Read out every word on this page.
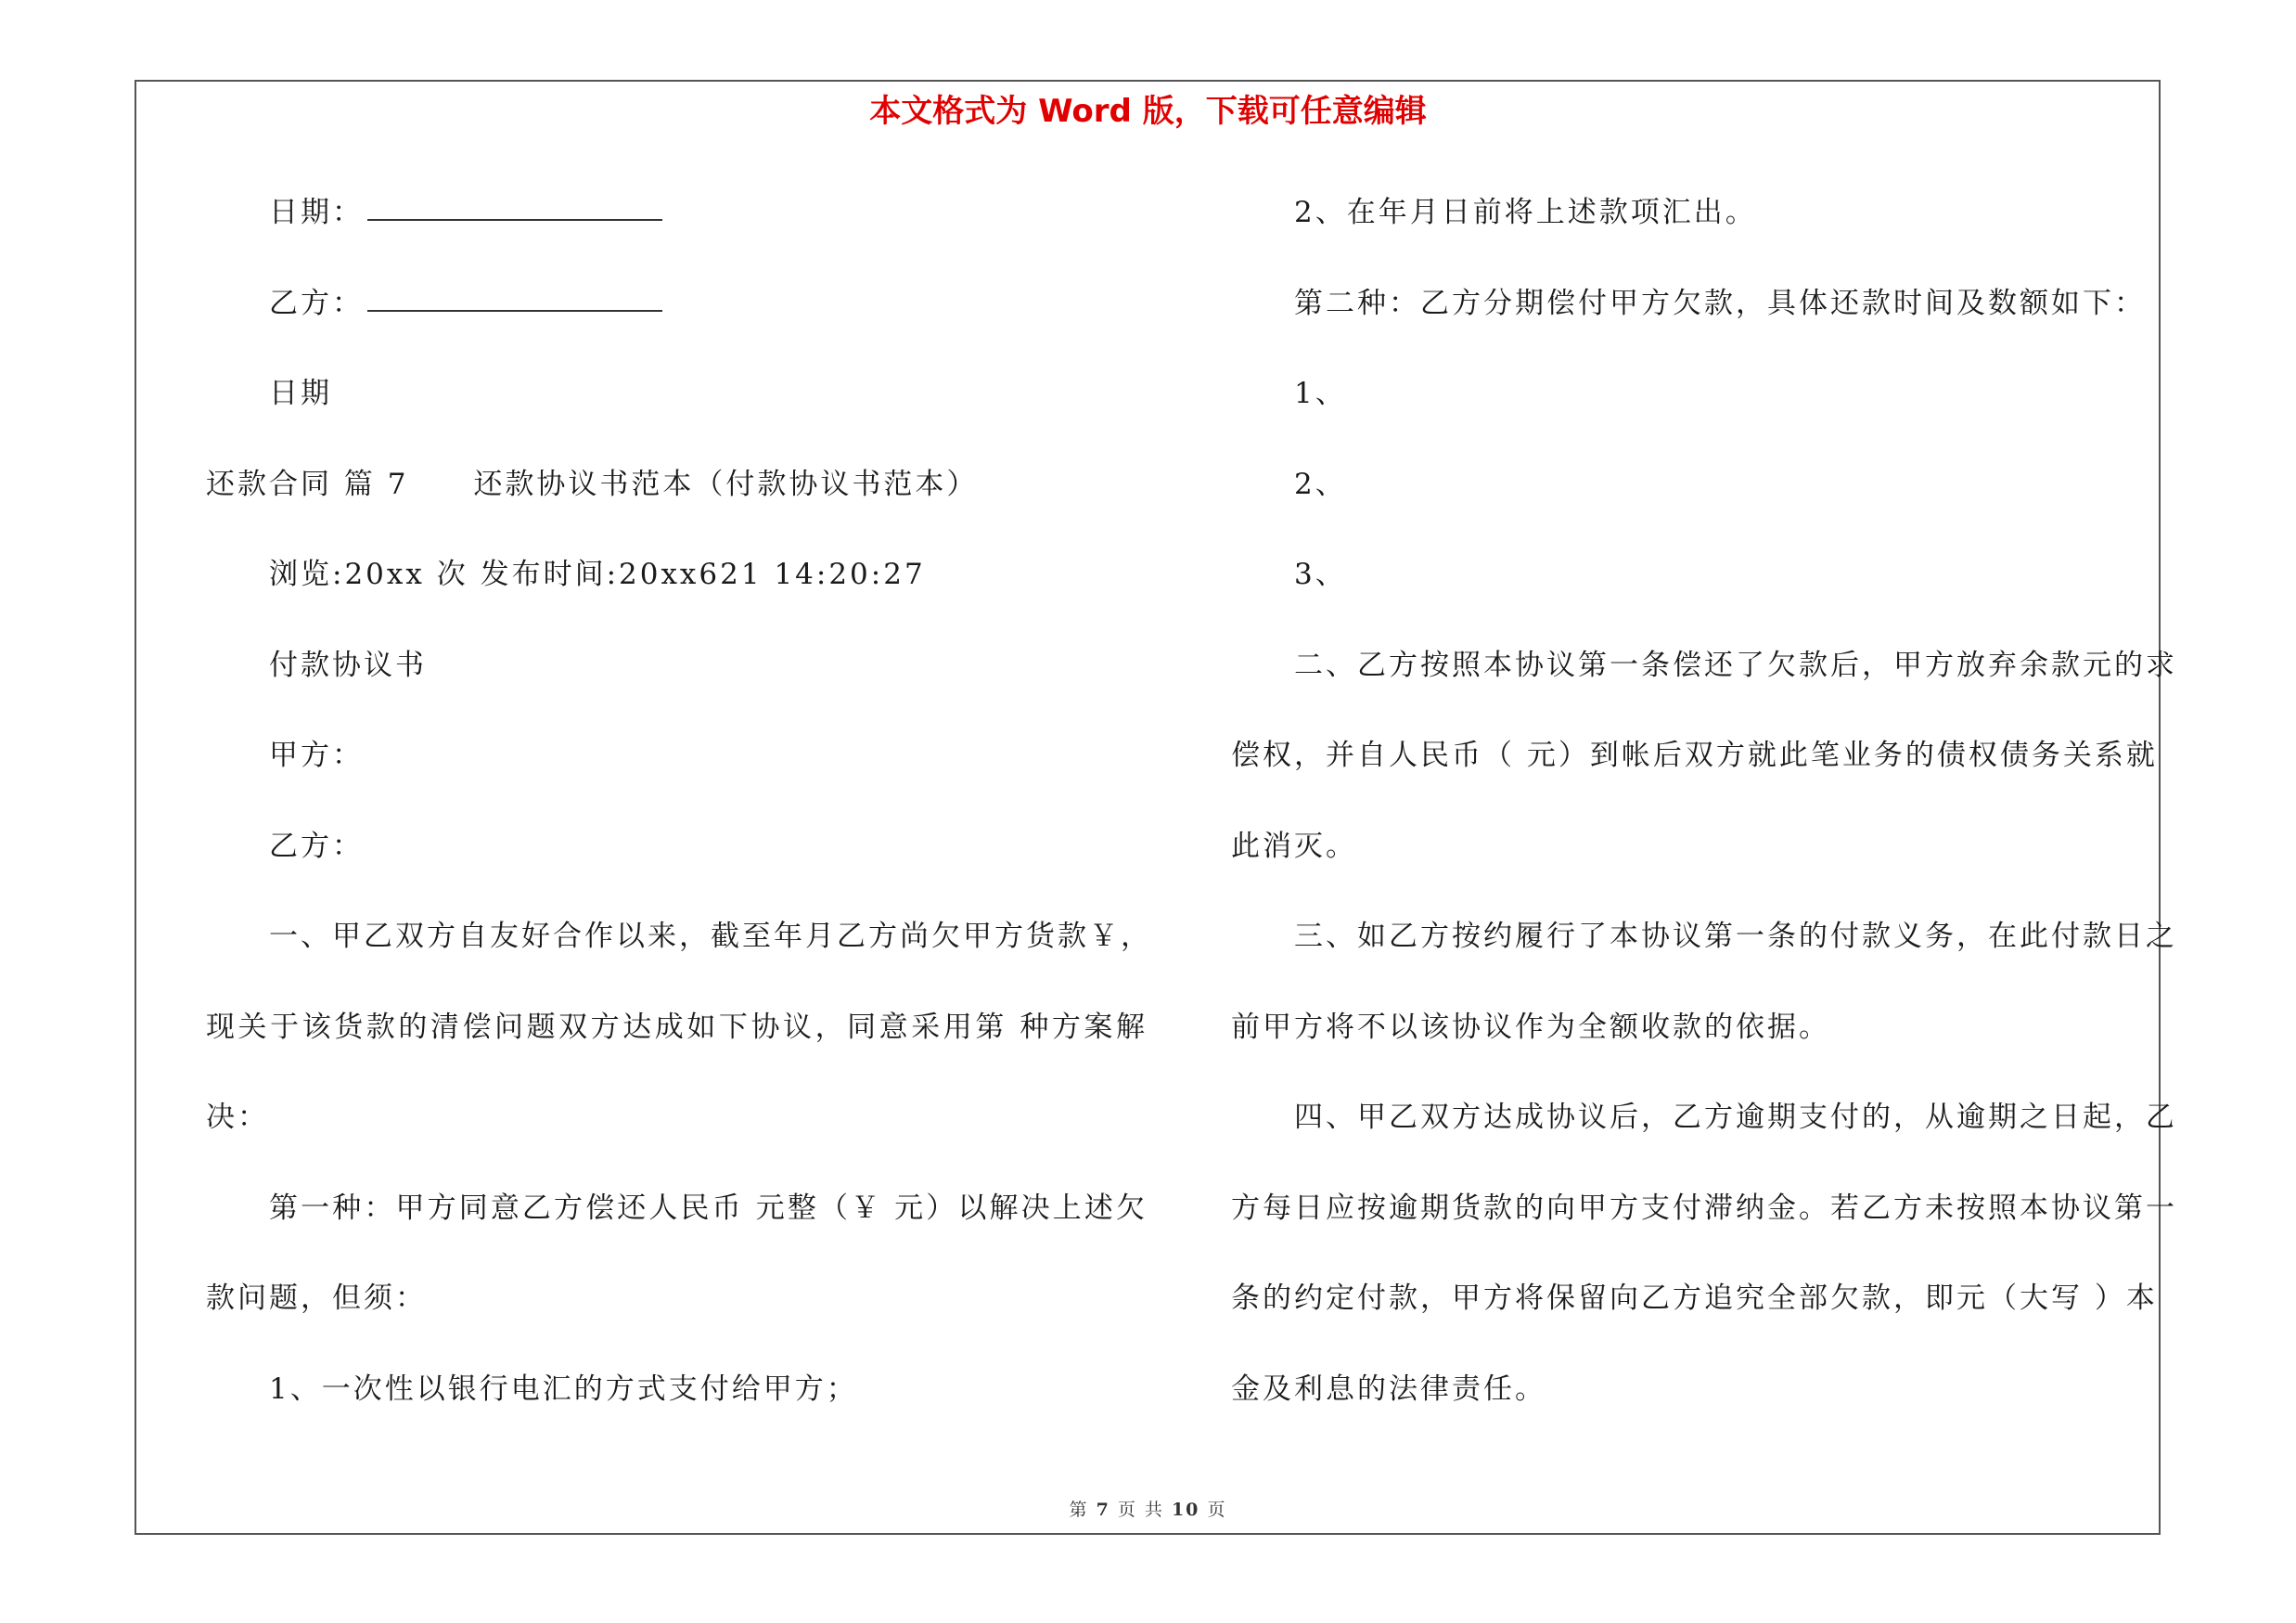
本文格式为 Word 版，下载可任意编辑
日期：
乙方：
日期
还款合同 篇 7 还款协议书范本（付款协议书范本）
浏览:20xx 次 发布时间:20xx621 14:20:27
付款协议书
甲方：
乙方：
一、甲乙双方自友好合作以来，截至年月乙方尚欠甲方货款￥，
现关于该货款的清偿问题双方达成如下协议，同意采用第 种方案解
决：
第一种：甲方同意乙方偿还人民币 元整（￥ 元）以解决上述欠
款问题，但须：
1、一次性以银行电汇的方式支付给甲方；
2、在年月日前将上述款项汇出。
第二种：乙方分期偿付甲方欠款，具体还款时间及数额如下：
1、
2、
3、
二、乙方按照本协议第一条偿还了欠款后，甲方放弃余款元的求
偿权，并自人民币（ 元）到帐后双方就此笔业务的债权债务关系就
此消灭。
三、如乙方按约履行了本协议第一条的付款义务，在此付款日之
前甲方将不以该协议作为全额收款的依据。
四、甲乙双方达成协议后，乙方逾期支付的，从逾期之日起，乙
方每日应按逾期货款的向甲方支付滞纳金。若乙方未按照本协议第一
条的约定付款，甲方将保留向乙方追究全部欠款，即元（大写 ）本
金及利息的法律责任。
第 7 页 共 10 页
